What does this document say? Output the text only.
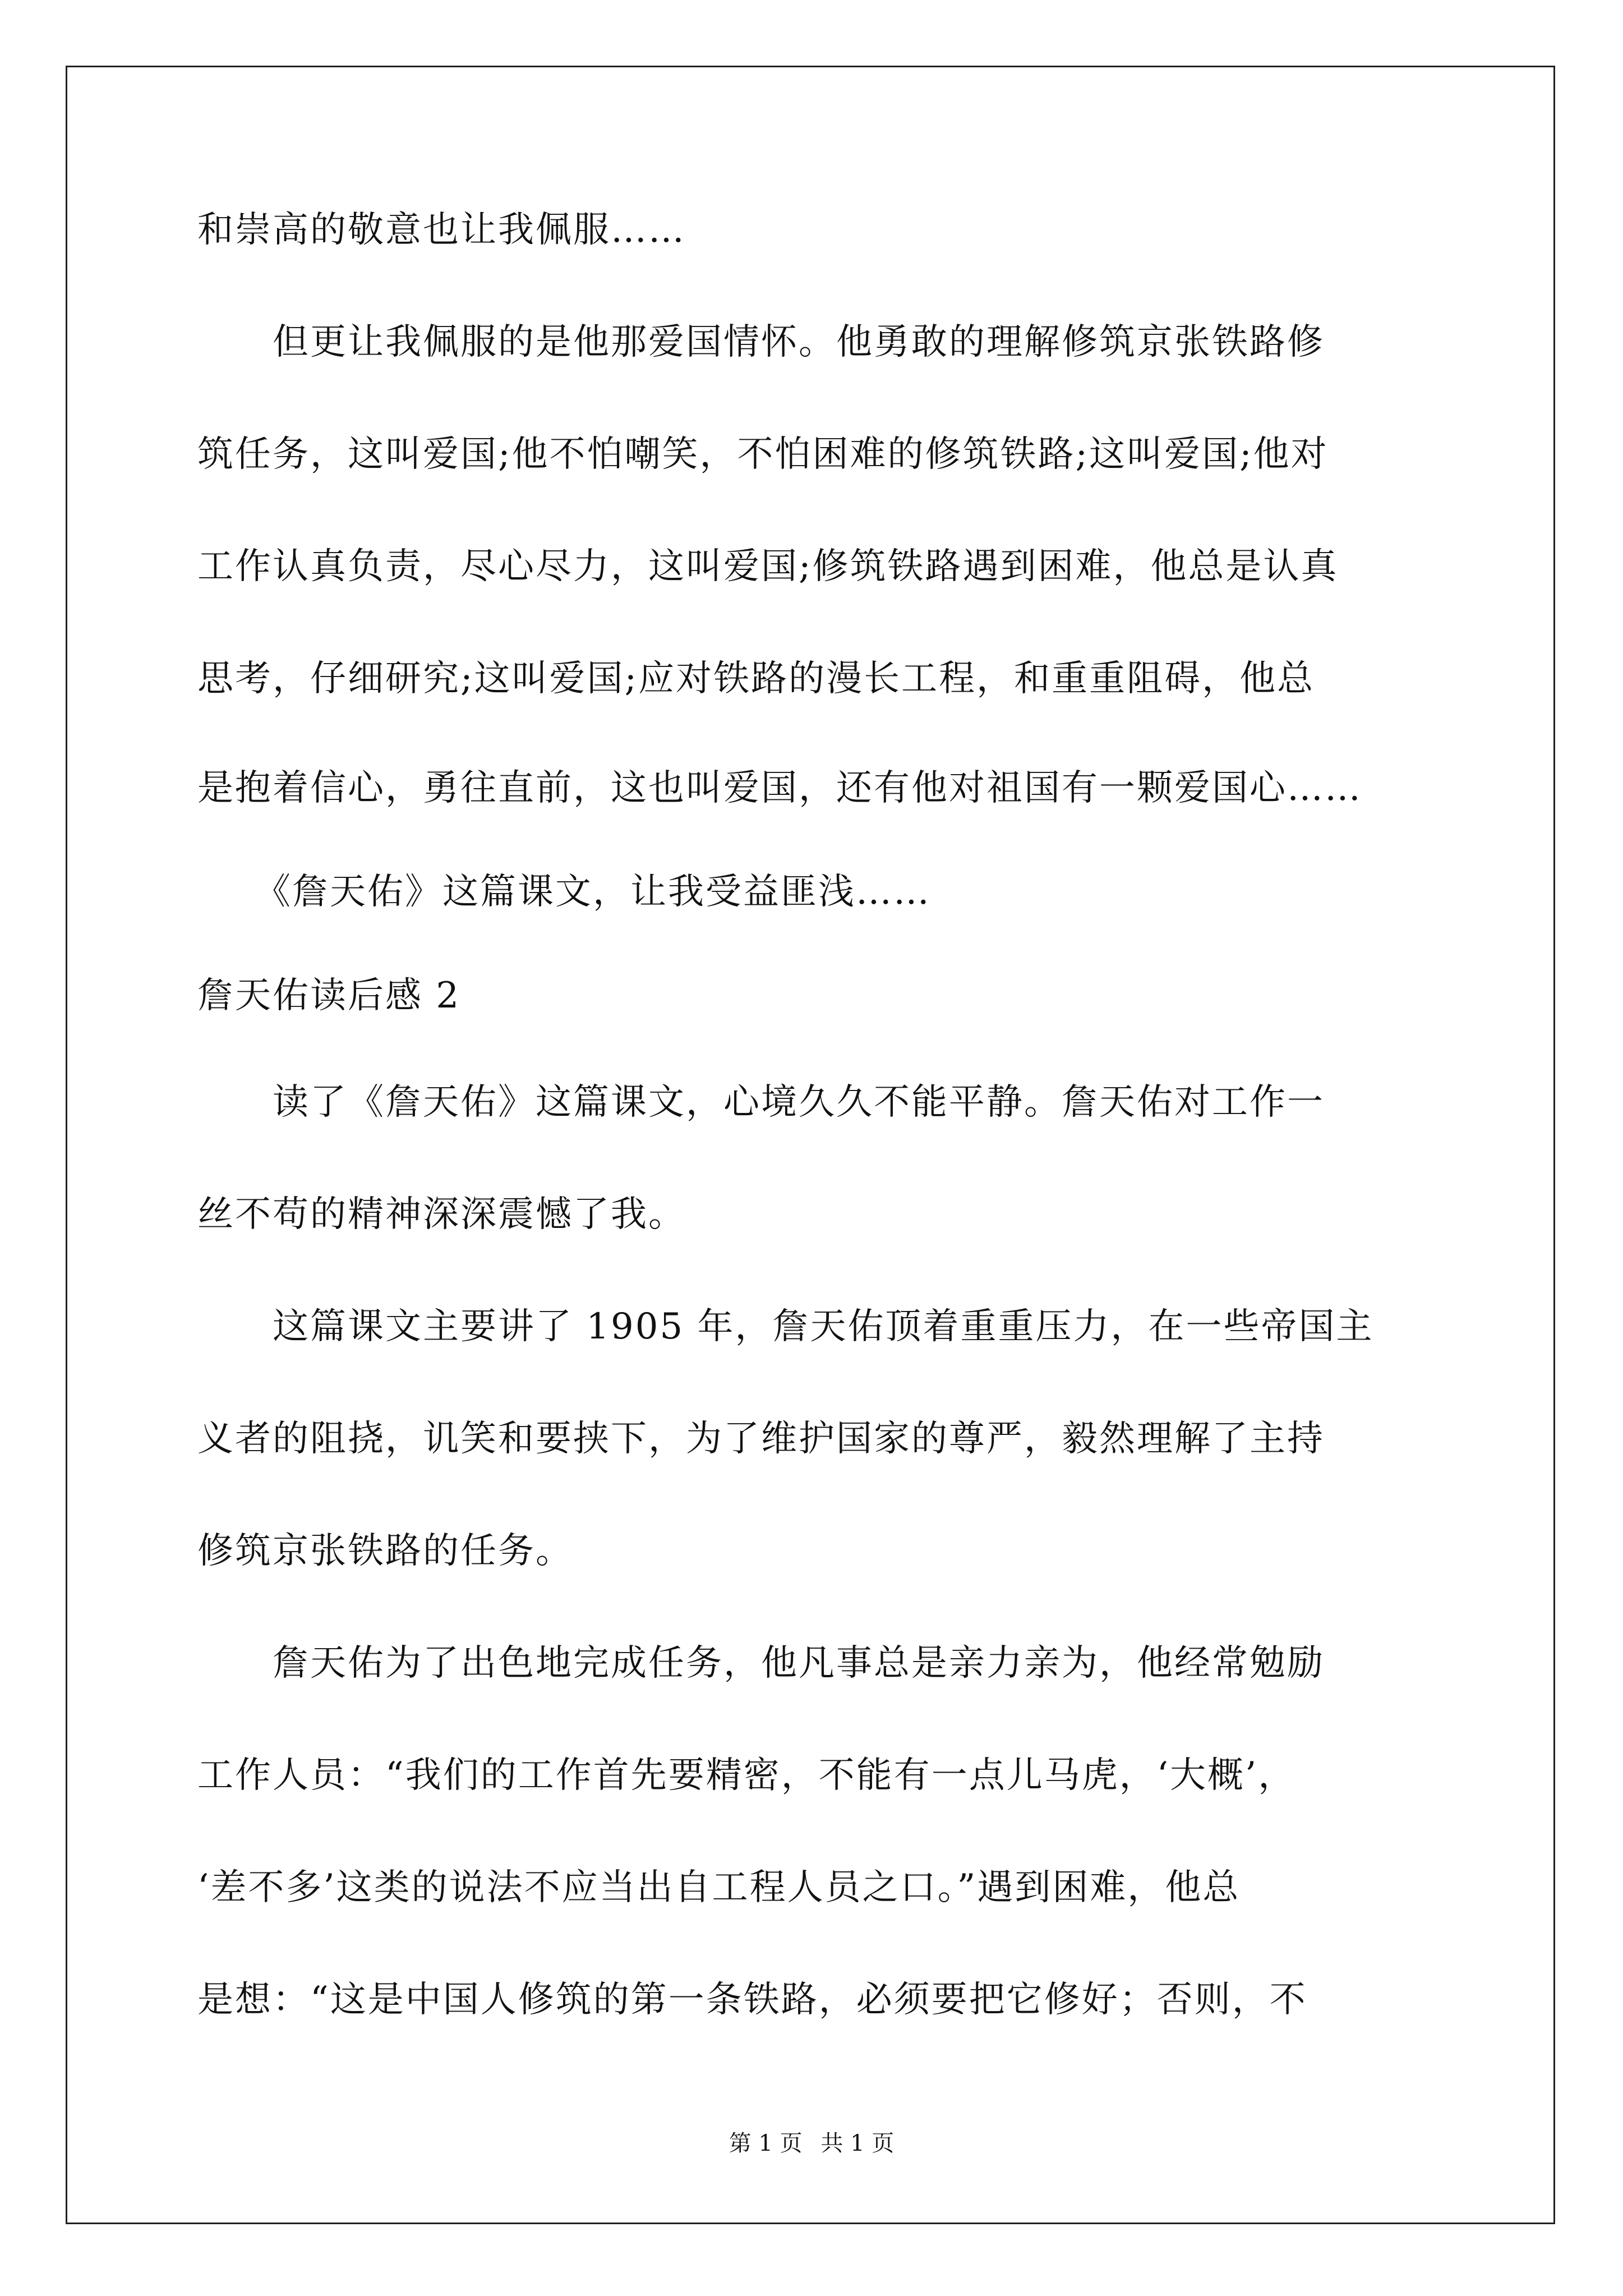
和崇高的敬意也让我佩服……
　　但更让我佩服的是他那爱国情怀。他勇敢的理解修筑京张铁路修
筑任务，这叫爱国;他不怕嘲笑，不怕困难的修筑铁路;这叫爱国;他对
工作认真负责，尽心尽力，这叫爱国;修筑铁路遇到困难，他总是认真
思考，仔细研究;这叫爱国;应对铁路的漫长工程，和重重阻碍，他总
是抱着信心，勇往直前，这也叫爱国，还有他对祖国有一颗爱国心……
　　《詹天佑》这篇课文，让我受益匪浅……
詹天佑读后感 2
　　读了《詹天佑》这篇课文，心境久久不能平静。詹天佑对工作一
丝不苟的精神深深震憾了我。
　　这篇课文主要讲了 1905 年，詹天佑顶着重重压力，在一些帝国主
义者的阻挠，讥笑和要挟下，为了维护国家的尊严，毅然理解了主持
修筑京张铁路的任务。
　　詹天佑为了出色地完成任务，他凡事总是亲力亲为，他经常勉励
工作人员：“我们的工作首先要精密，不能有一点儿马虎，‘大概’，
‘差不多’这类的说法不应当出自工程人员之口。”遇到困难，他总
是想：“这是中国人修筑的第一条铁路，必须要把它修好；否则，不
第 1 页 共 1 页
